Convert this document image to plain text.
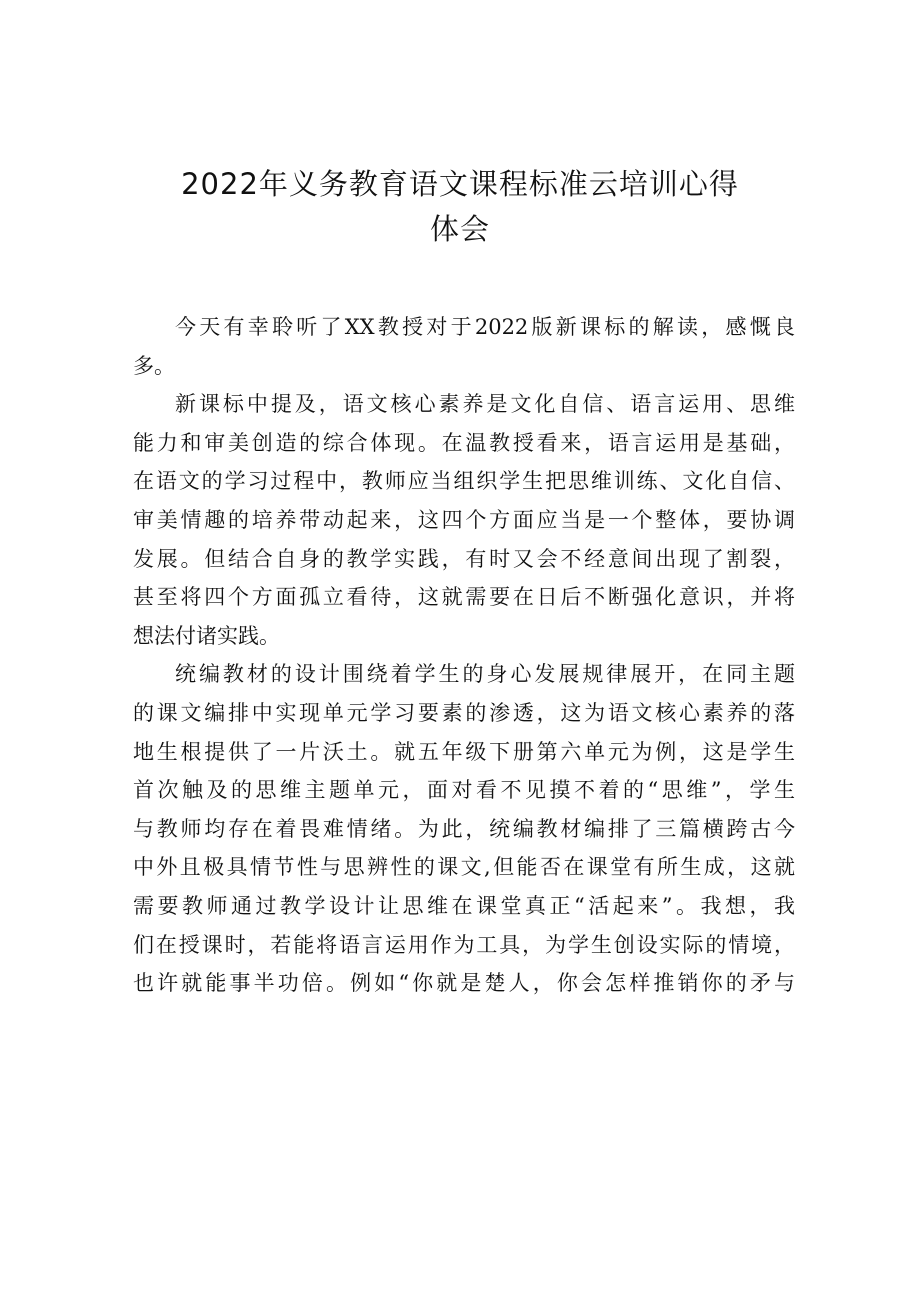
2022年义务教育语文课程标准云培训心得
体会

今天有幸聆听了XX教授对于2022版新课标的解读，感慨良
多。

新课标中提及，语文核心素养是文化自信、语言运用、思维
能力和审美创造的综合体现。在温教授看来，语言运用是基础，
在语文的学习过程中，教师应当组织学生把思维训练、文化自信、
审美情趣的培养带动起来，这四个方面应当是一个整体，要协调
发展。但结合自身的教学实践，有时又会不经意间出现了割裂，
甚至将四个方面孤立看待，这就需要在日后不断强化意识，并将
想法付诸实践。

统编教材的设计围绕着学生的身心发展规律展开，在同主题
的课文编排中实现单元学习要素的渗透，这为语文核心素养的落
地生根提供了一片沃土。就五年级下册第六单元为例，这是学生
首次触及的思维主题单元，面对看不见摸不着的“思维”，学生
与教师均存在着畏难情绪。为此，统编教材编排了三篇横跨古今
中外且极具情节性与思辨性的课文,但能否在课堂有所生成，这就
需要教师通过教学设计让思维在课堂真正“活起来”。我想，我
们在授课时，若能将语言运用作为工具，为学生创设实际的情境，
也许就能事半功倍。例如“你就是楚人，你会怎样推销你的矛与
